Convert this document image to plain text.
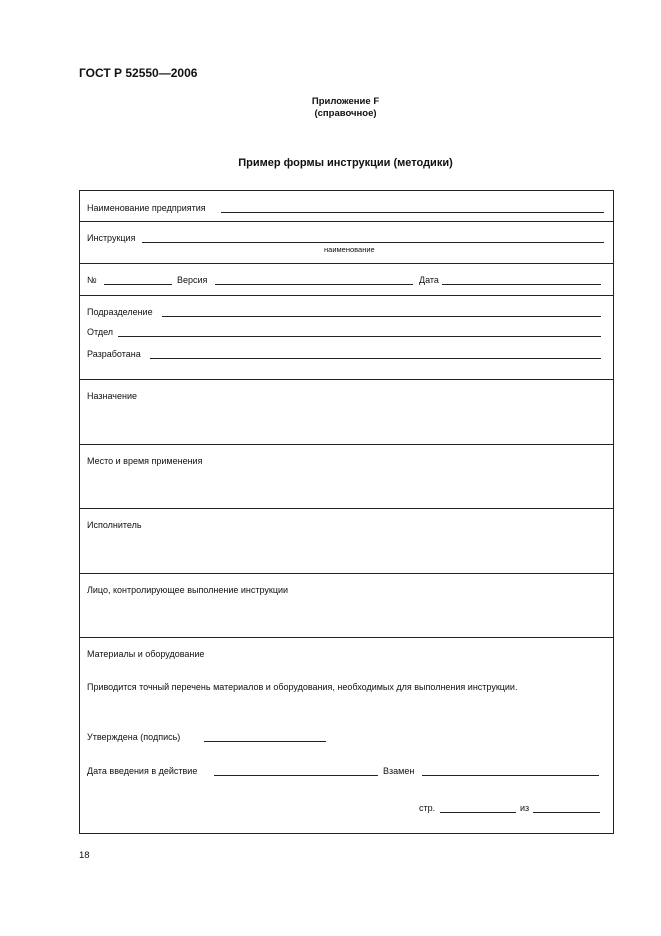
ГОСТ Р 52550—2006
Приложение F
(справочное)
Пример формы инструкции (методики)
Наименование предприятия
Инструкция
наименование
№	Версия	Дата
Подразделение
Отдел
Разработана
Назначение
Место и время применения
Исполнитель
Лицо, контролирующее выполнение инструкции
Материалы и оборудование
Приводится точный перечень материалов и оборудования, необходимых для выполнения инструкции.
Утверждена (подпись)
Дата введения в действие	Взамен
стр.	из
18
